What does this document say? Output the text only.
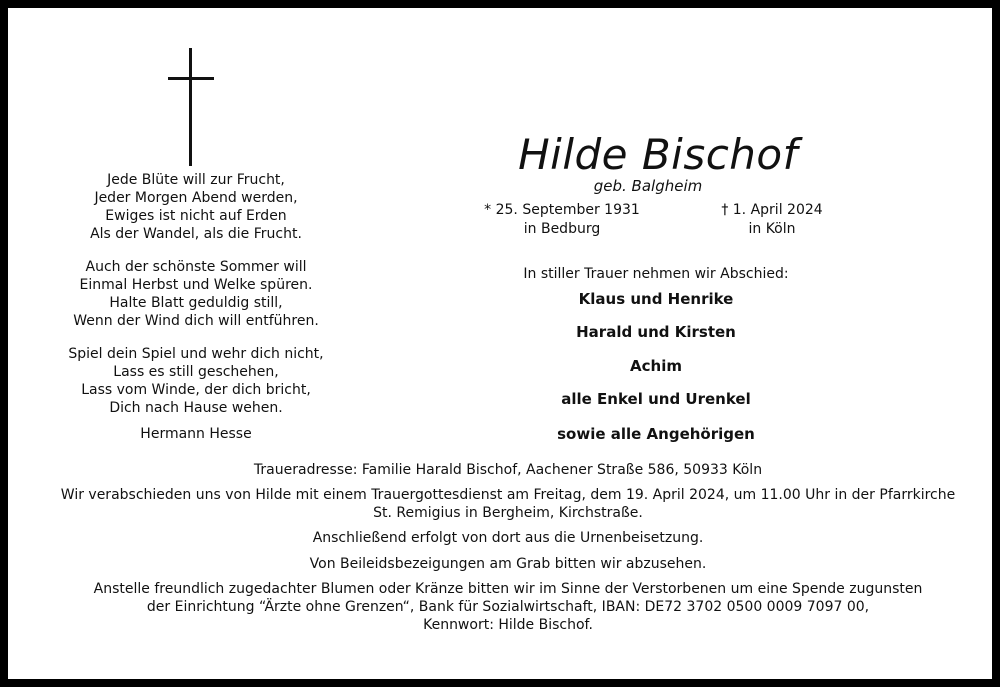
Jede Blüte will zur Frucht,
Jeder Morgen Abend werden,
Ewiges ist nicht auf Erden
Als der Wandel, als die Frucht.
Auch der schönste Sommer will
Einmal Herbst und Welke spüren.
Halte Blatt geduldig still,
Wenn der Wind dich will entführen.
Spiel dein Spiel und wehr dich nicht,
Lass es still geschehen,
Lass vom Winde, der dich bricht,
Dich nach Hause wehen.
Hermann Hesse
Hilde Bischof
geb. Balgheim
* 25. September 1931
in Bedburg
† 1. April 2024
in Köln
In stiller Trauer nehmen wir Abschied:
Klaus und Henrike
Harald und Kirsten
Achim
alle Enkel und Urenkel
sowie alle Angehörigen
Traueradresse: Familie Harald Bischof, Aachener Straße 586, 50933 Köln
Wir verabschieden uns von Hilde mit einem Trauergottesdienst am Freitag, dem 19. April 2024, um 11.00 Uhr in der Pfarrkirche
St. Remigius in Bergheim, Kirchstraße.
Anschließend erfolgt von dort aus die Urnenbeisetzung.
Von Beileidsbezeigungen am Grab bitten wir abzusehen.
Anstelle freundlich zugedachter Blumen oder Kränze bitten wir im Sinne der Verstorbenen um eine Spende zugunsten
der Einrichtung “Ärzte ohne Grenzen“, Bank für Sozialwirtschaft, IBAN: DE72 3702 0500 0009 7097 00,
Kennwort: Hilde Bischof.
